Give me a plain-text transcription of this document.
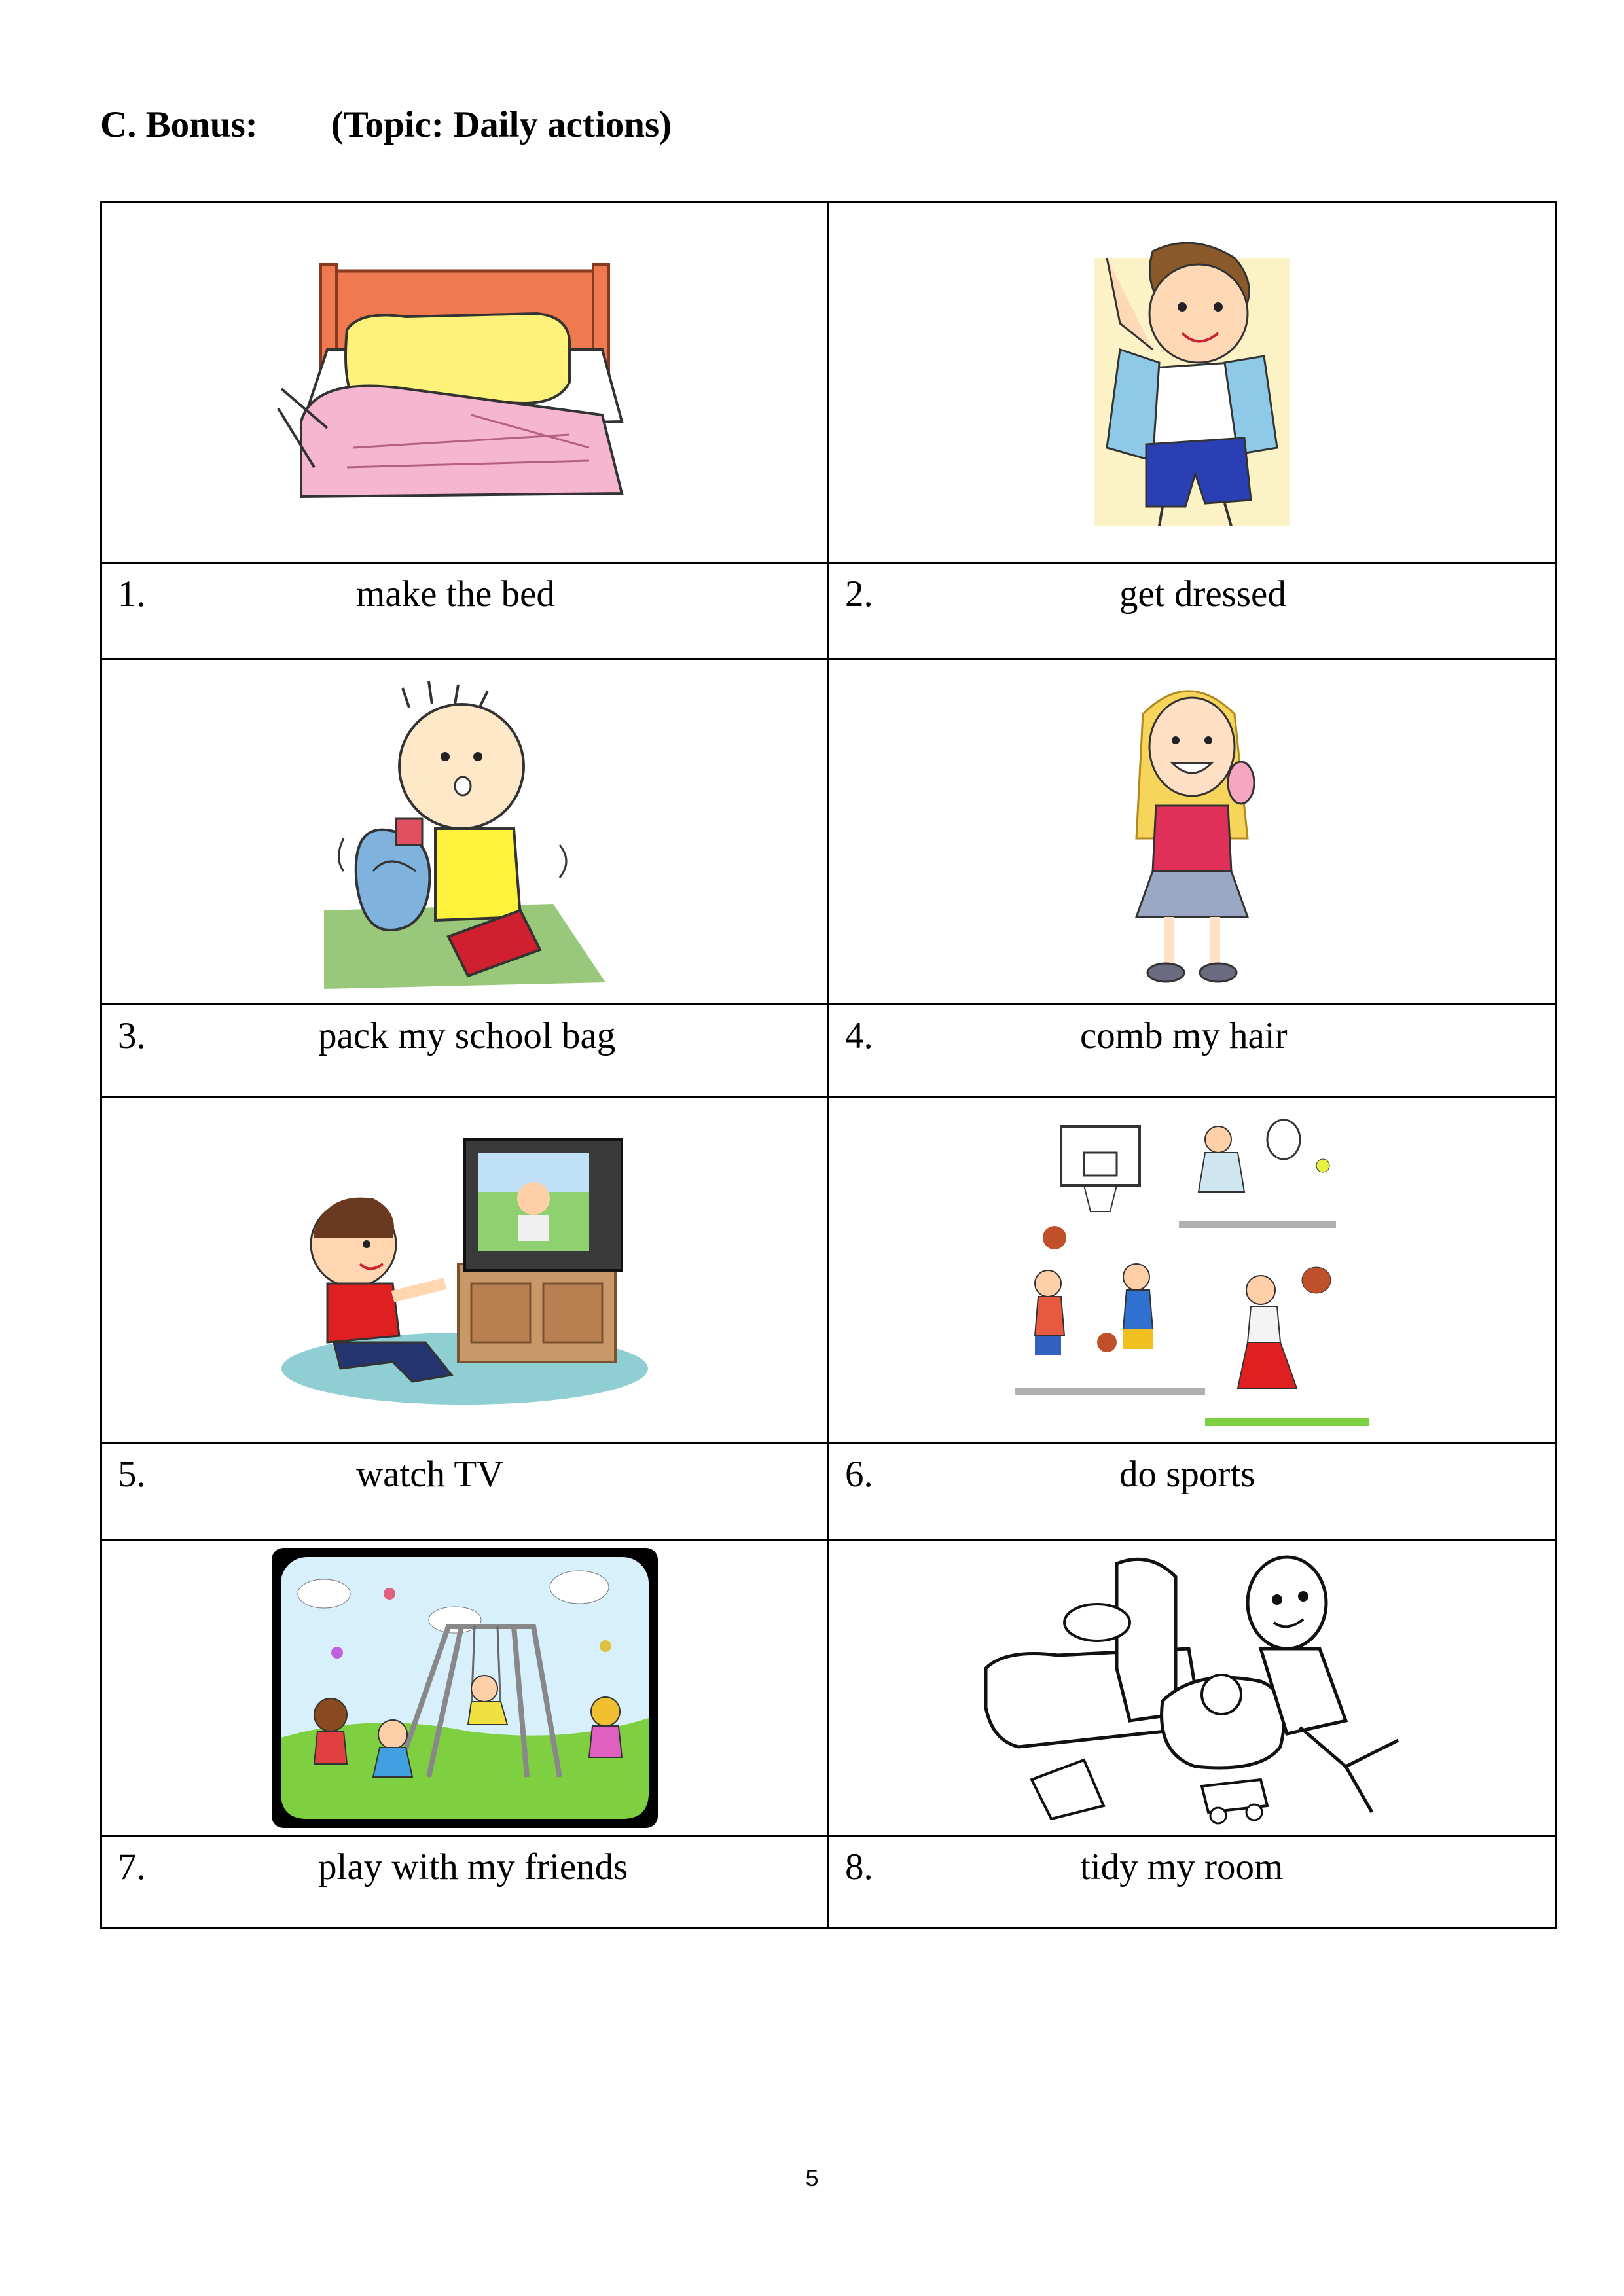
C. Bonus: (Topic: Daily actions)

1. make the bed	2. get dressed

3. pack my school bag	4. comb my hair

5. watch TV	6. do sports

7. play with my friends	8. tidy my room
5
